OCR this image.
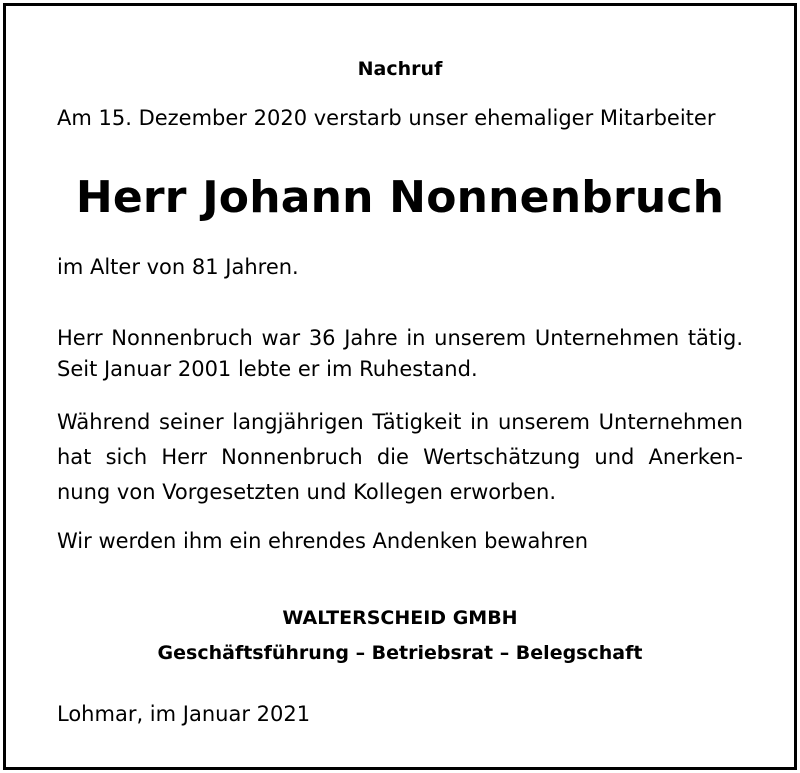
Nachruf
Am 15. Dezember 2020 verstarb unser ehemaliger Mitarbeiter
Herr Johann Nonnenbruch
im Alter von 81 Jahren.
Herr Nonnenbruch war 36 Jahre in unserem Unternehmen tätig.
Seit Januar 2001 lebte er im Ruhestand.
Während seiner langjährigen Tätigkeit in unserem Unternehmen
hat sich Herr Nonnenbruch die Wertschätzung und Anerken-
nung von Vorgesetzten und Kollegen erworben.
Wir werden ihm ein ehrendes Andenken bewahren
WALTERSCHEID GMBH
Geschäftsführung – Betriebsrat – Belegschaft
Lohmar, im Januar 2021
